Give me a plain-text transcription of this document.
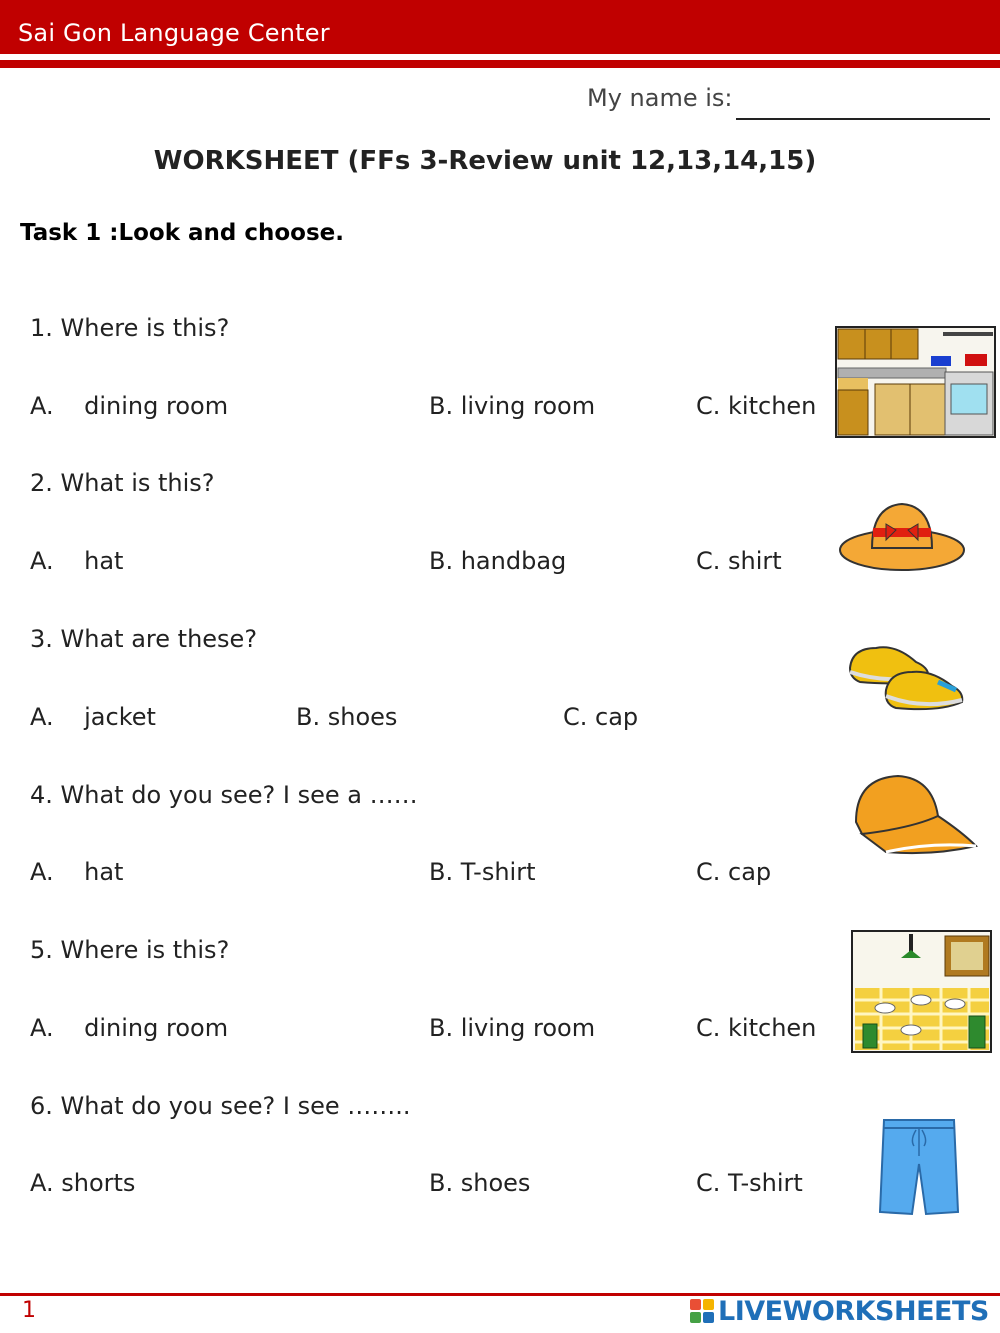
Sai Gon Language Center
My name is:
WORKSHEET (FFs 3-Review unit 12,13,14,15)
Task 1 :Look and choose.
1. Where is this?
A.    dining room	B. living room	C. kitchen
2. What is this?
A.    hat	B. handbag	C. shirt
3. What are these?
A.    jacket	B. shoes	C. cap
4. What do you see? I see a ……
A.    hat	B. T-shirt	C. cap
5. Where is this?
A.    dining room	B. living room	C. kitchen
6. What do you see? I see ……..
A. shorts	B. shoes	C. T-shirt
1	LIVEWORKSHEETS
